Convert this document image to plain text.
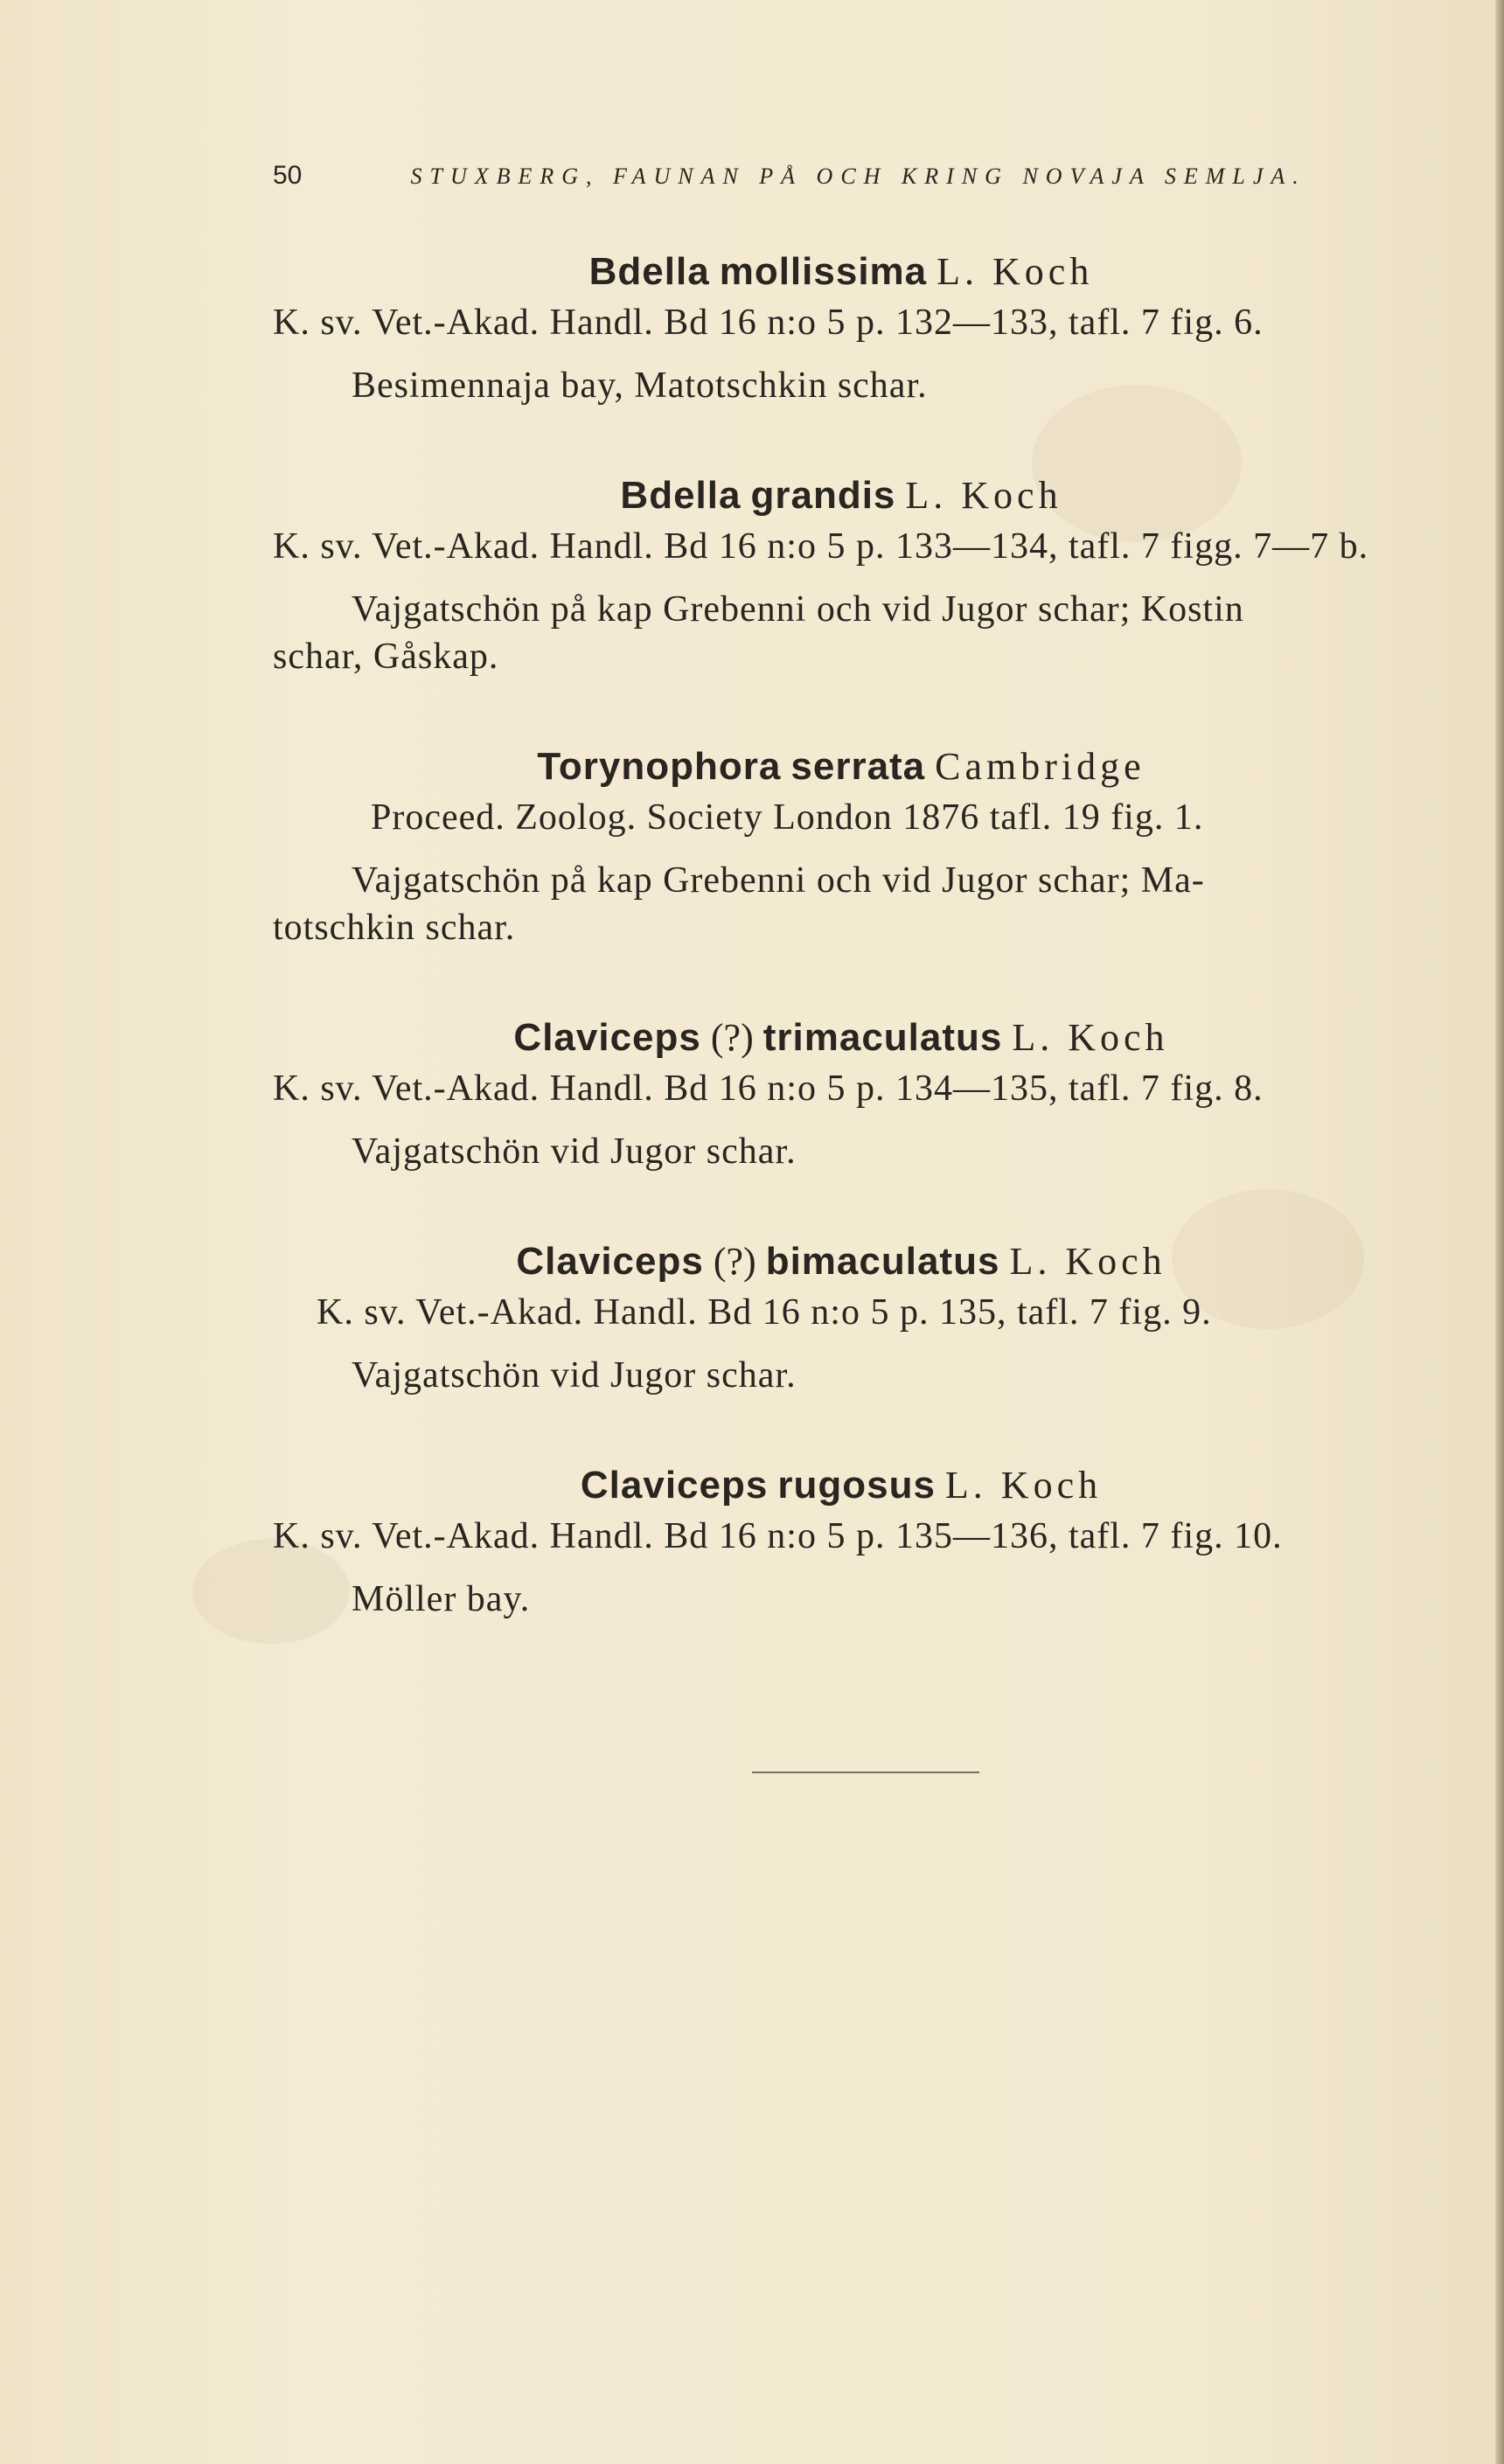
50	STUXBERG, FAUNAN PÅ OCH KRING NOVAJA SEMLJA.
Bdella mollissima L. Koch
K. sv. Vet.-Akad. Handl. Bd 16 n:o 5 p. 132—133, tafl. 7 fig. 6.
Besimennaja bay, Matotschkin schar.
Bdella grandis L. Koch
K. sv. Vet.-Akad. Handl. Bd 16 n:o 5 p. 133—134, tafl. 7 figg. 7—7 b.
Vajgatschön på kap Grebenni och vid Jugor schar; Kostin
schar, Gåskap.
Torynophora serrata Cambridge
Proceed. Zoolog. Society London 1876 tafl. 19 fig. 1.
Vajgatschön på kap Grebenni och vid Jugor schar; Ma-
totschkin schar.
Claviceps (?) trimaculatus L. Koch
K. sv. Vet.-Akad. Handl. Bd 16 n:o 5 p. 134—135, tafl. 7 fig. 8.
Vajgatschön vid Jugor schar.
Claviceps (?) bimaculatus L. Koch
K. sv. Vet.-Akad. Handl. Bd 16 n:o 5 p. 135, tafl. 7 fig. 9.
Vajgatschön vid Jugor schar.
Claviceps rugosus L. Koch
K. sv. Vet.-Akad. Handl. Bd 16 n:o 5 p. 135—136, tafl. 7 fig. 10.
Möller bay.
